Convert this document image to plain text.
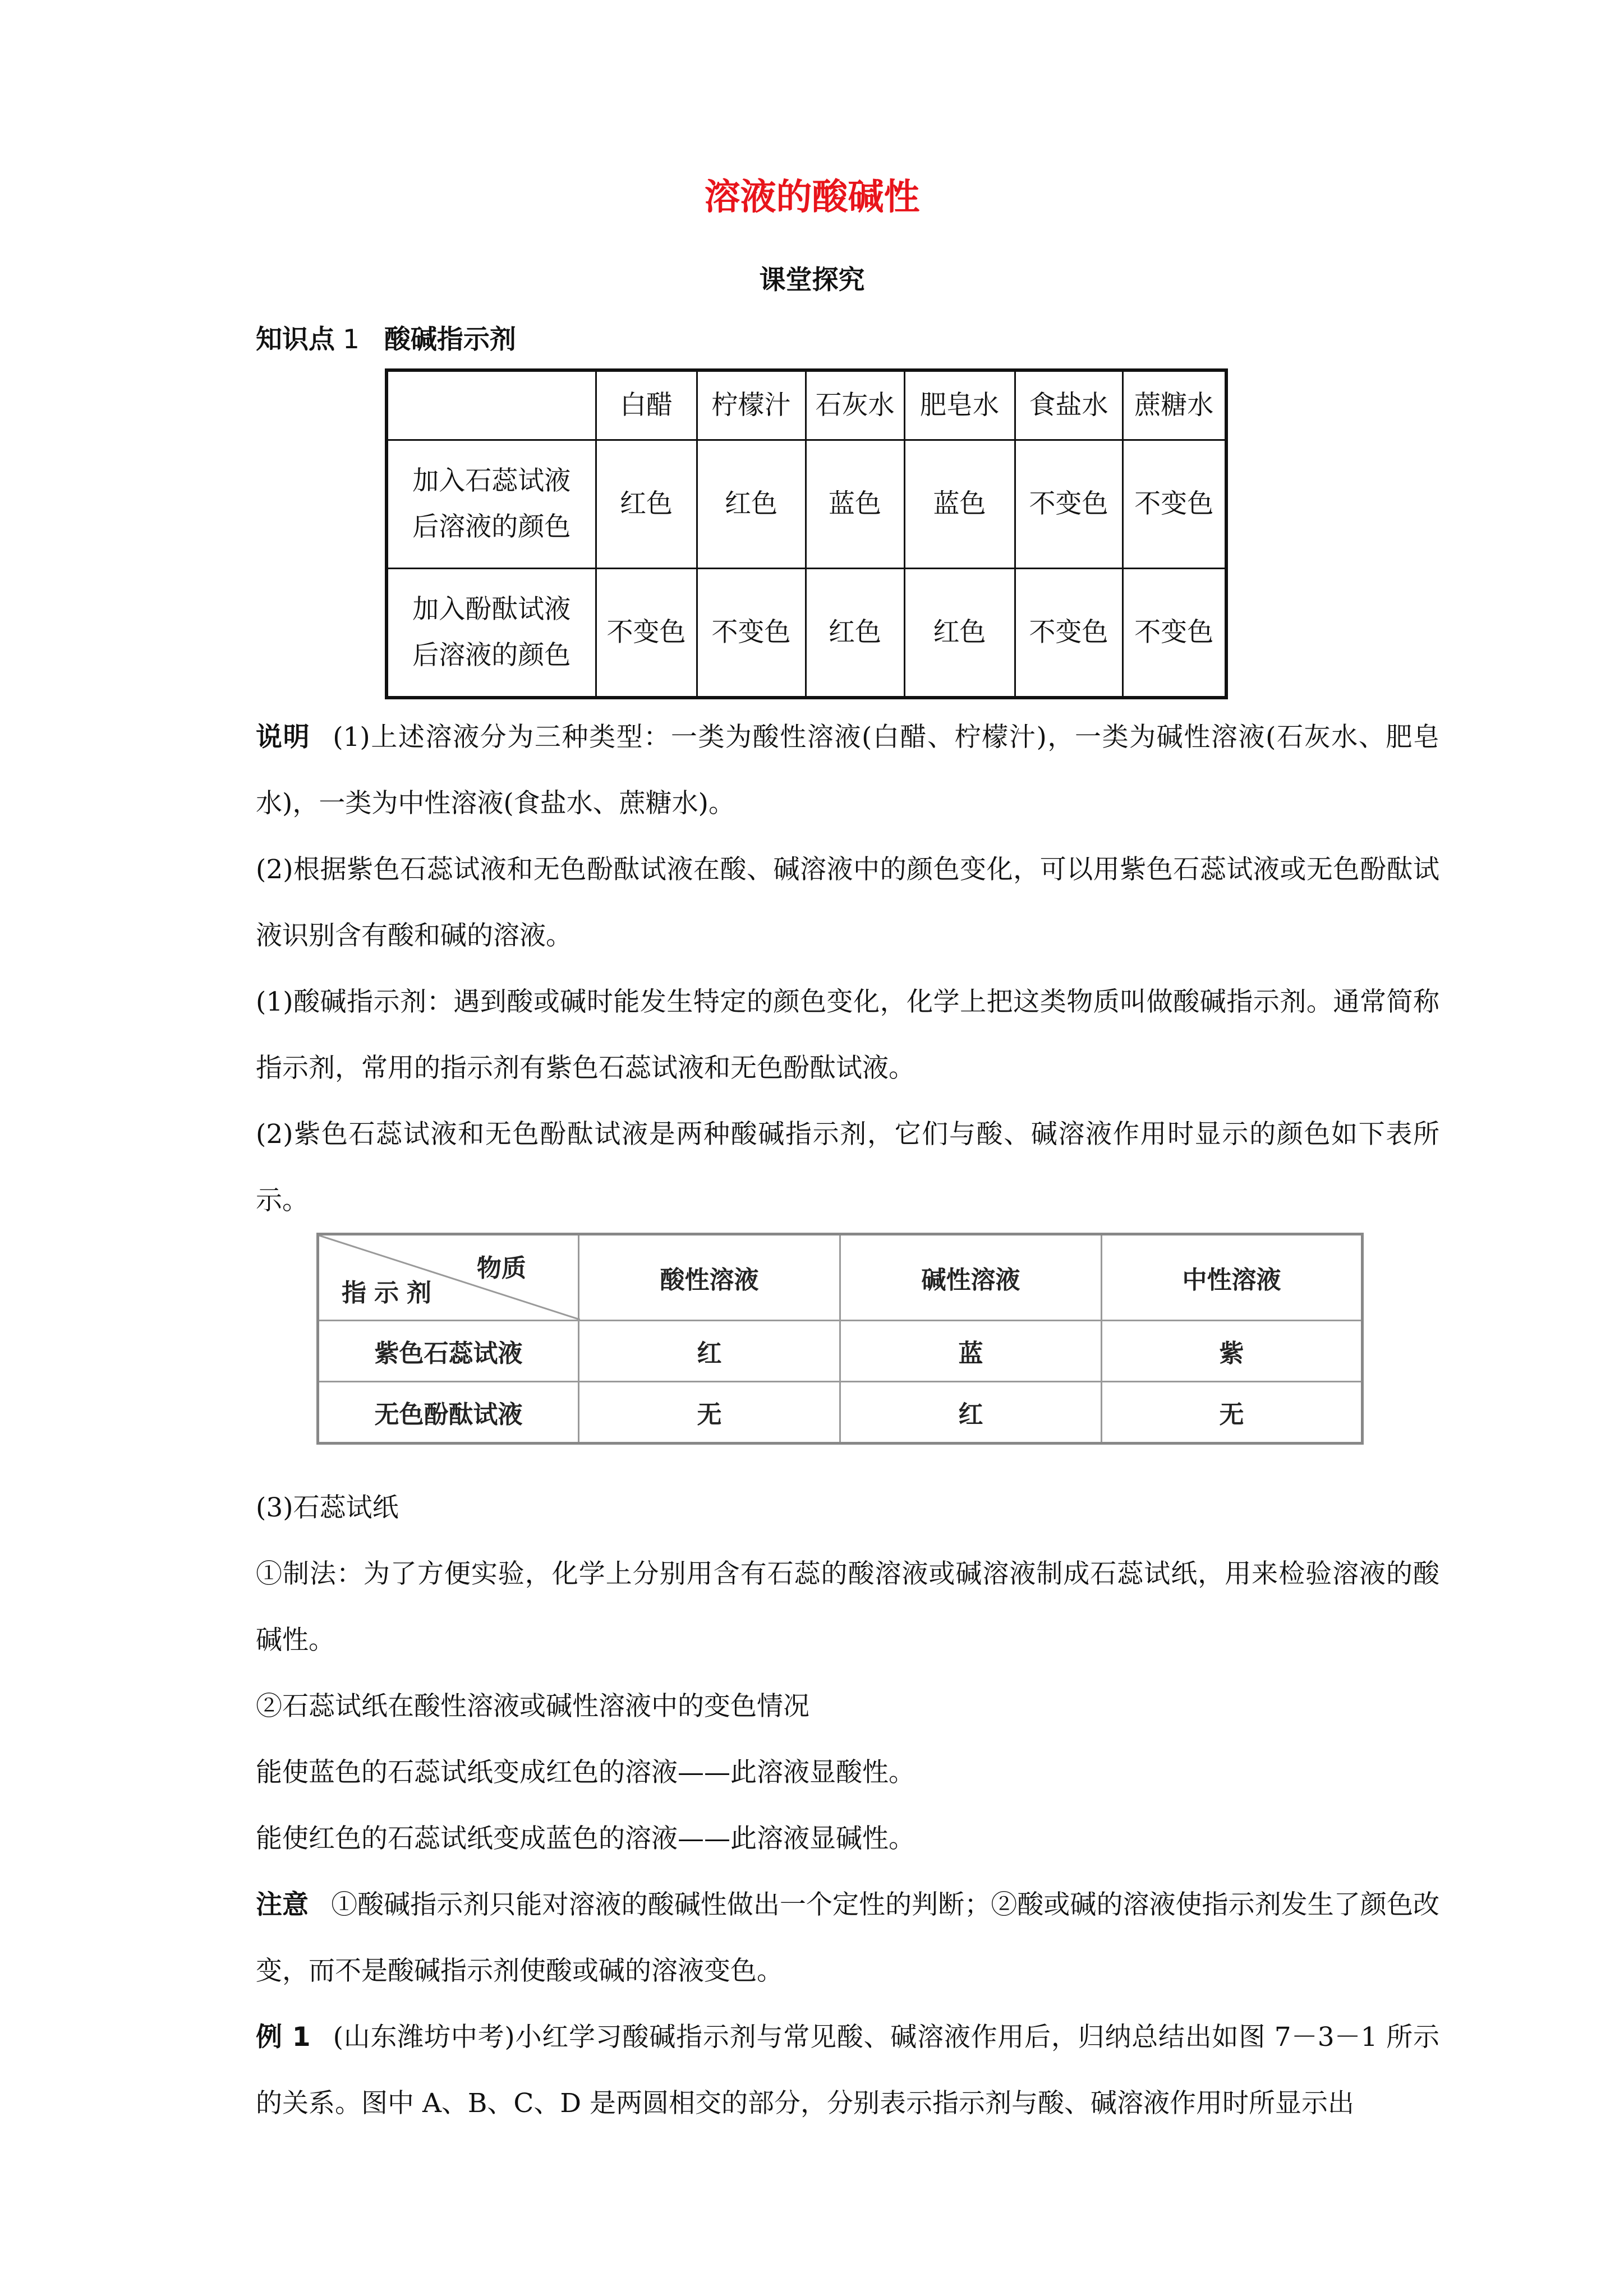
溶液的酸碱性
课堂探究
知识点 1 酸碱指示剂
	白醋	柠檬汁	石灰水	肥皂水	食盐水	蔗糖水

加入石蕊试液
后溶液的颜色	红色	红色	蓝色	蓝色	不变色	不变色

加入酚酞试液
后溶液的颜色	不变色	不变色	红色	红色	不变色	不变色
说明 (1)上述溶液分为三种类型：一类为酸性溶液(白醋、柠檬汁)，一类为碱性溶液(石灰水、肥皂水)，一类为中性溶液(食盐水、蔗糖水)。
(2)根据紫色石蕊试液和无色酚酞试液在酸、碱溶液中的颜色变化，可以用紫色石蕊试液或无色酚酞试液识别含有酸和碱的溶液。
(1)酸碱指示剂：遇到酸或碱时能发生特定的颜色变化，化学上把这类物质叫做酸碱指示剂。通常简称指示剂，常用的指示剂有紫色石蕊试液和无色酚酞试液。
(2)紫色石蕊试液和无色酚酞试液是两种酸碱指示剂，它们与酸、碱溶液作用时显示的颜色如下表所示。
物质
指示剂	酸性溶液	碱性溶液	中性溶液
紫色石蕊试液	红	蓝	紫
无色酚酞试液	无	红	无
(3)石蕊试纸
①制法：为了方便实验，化学上分别用含有石蕊的酸溶液或碱溶液制成石蕊试纸，用来检验溶液的酸碱性。
②石蕊试纸在酸性溶液或碱性溶液中的变色情况
能使蓝色的石蕊试纸变成红色的溶液——此溶液显酸性。
能使红色的石蕊试纸变成蓝色的溶液——此溶液显碱性。
注意 ①酸碱指示剂只能对溶液的酸碱性做出一个定性的判断；②酸或碱的溶液使指示剂发生了颜色改变，而不是酸碱指示剂使酸或碱的溶液变色。
例 1 (山东潍坊中考)小红学习酸碱指示剂与常见酸、碱溶液作用后，归纳总结出如图 7－3－1 所示的关系。图中 A、B、C、D 是两圆相交的部分，分别表示指示剂与酸、碱溶液作用时所显示出
